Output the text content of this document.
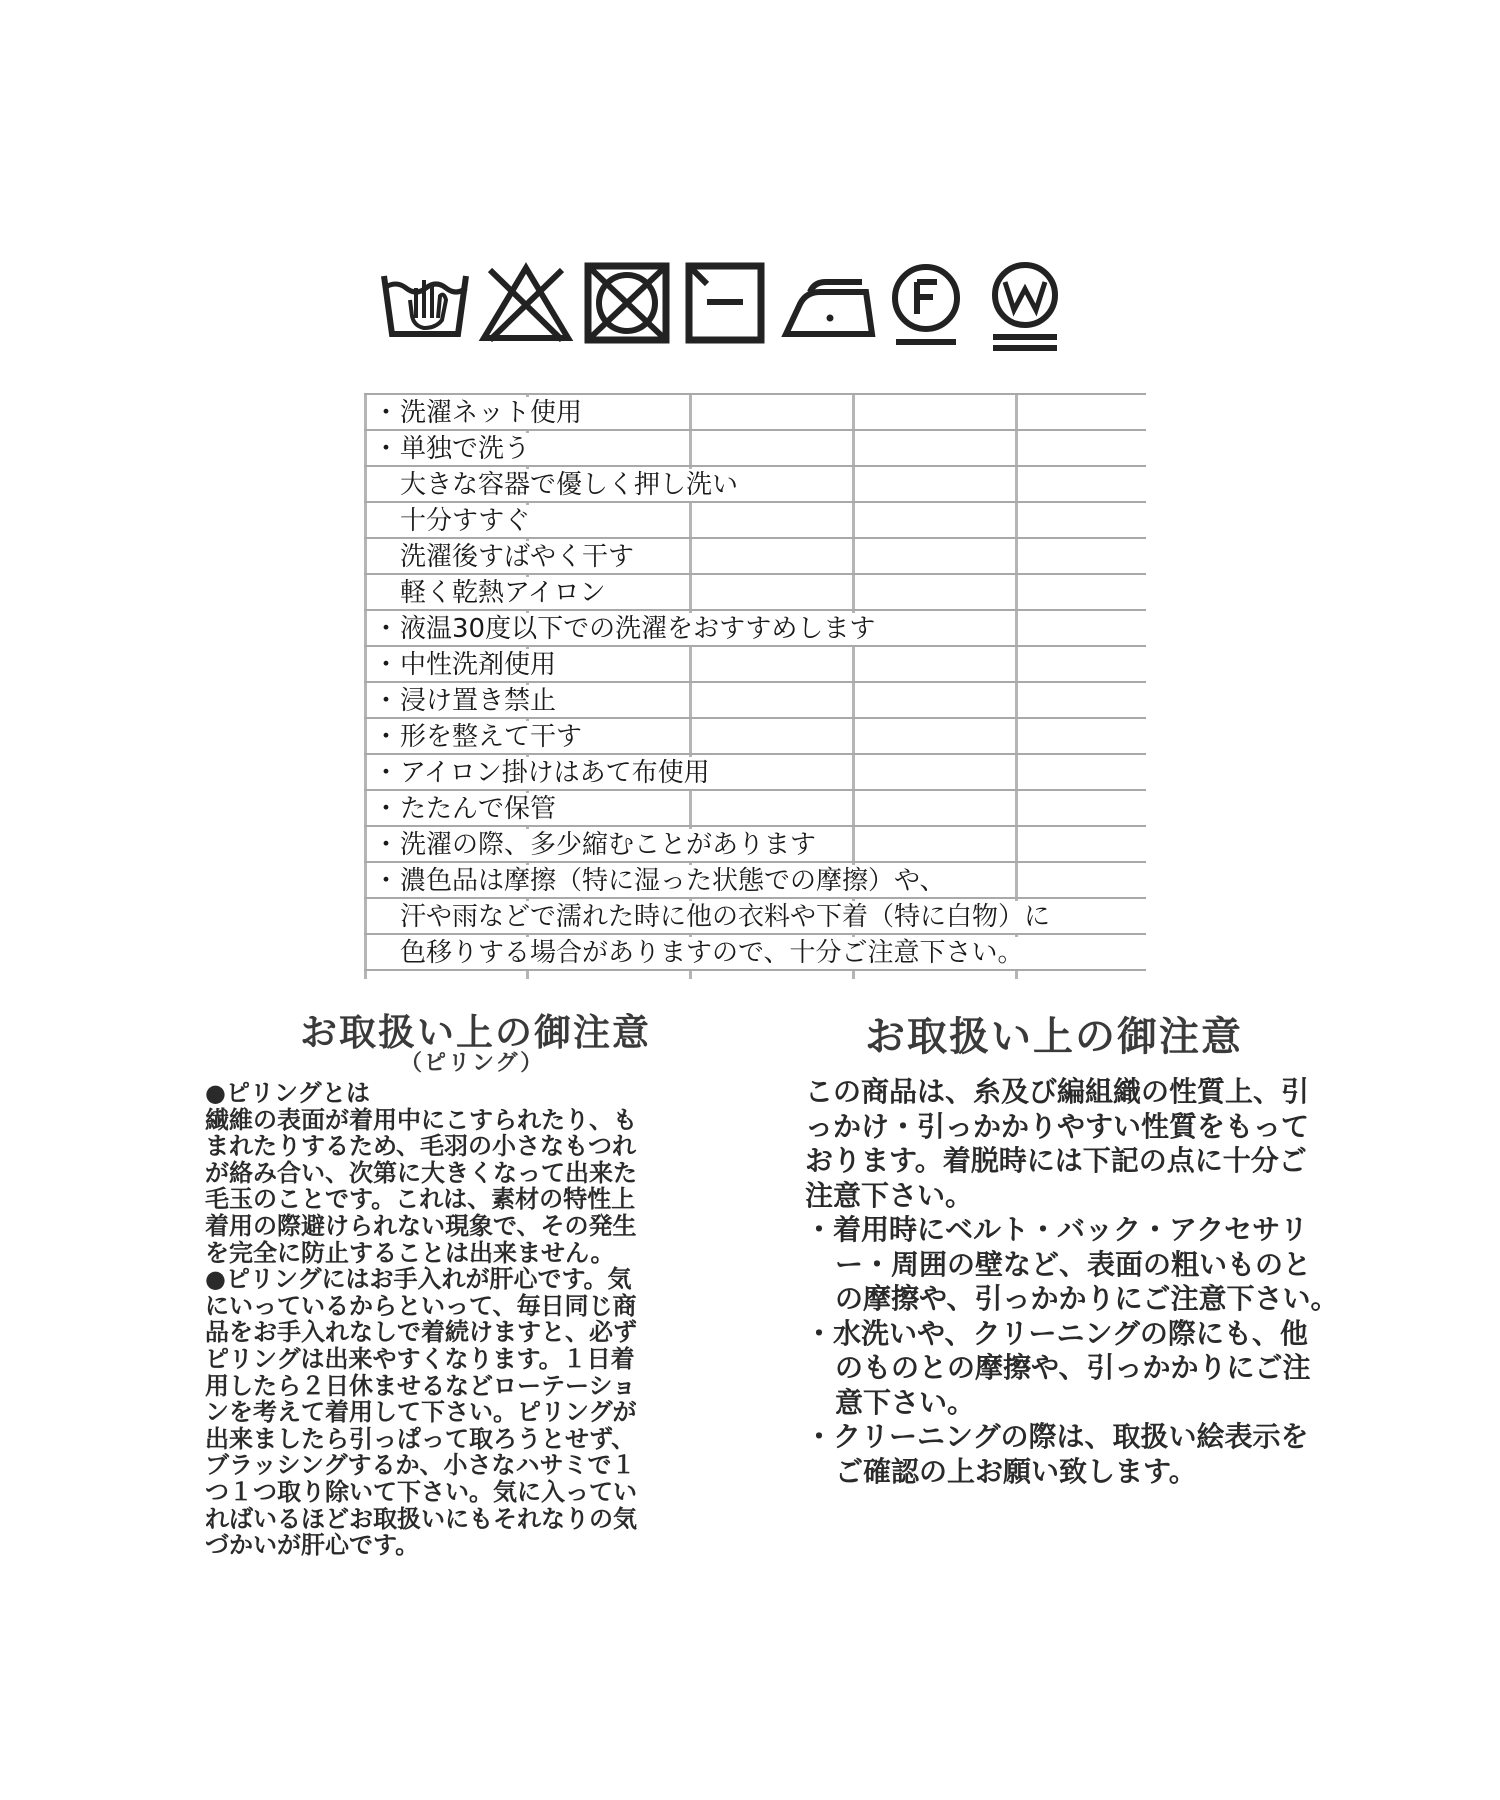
・ 洗濯ネット使用
・ 単独で洗う
大きな容器で優しく押し洗い
十分すすぐ
洗濯後すばやく干す
軽く乾熱アイロン
・ 液温30度以下での洗濯をおすすめします
・ 中性洗剤使用
・ 浸け置き禁止
・ 形を整えて干す
・ アイロン掛けはあて布使用
・ たたんで保管
・ 洗濯の際、多少縮むことがあります
・ 濃色品は摩擦（特に湿った状態での摩擦）や、
汗や雨などで濡れた時に他の衣料や下着（特に白物）に
色移りする場合がありますので、十分ご注意下さい。
お取扱い上の御注意
（ピリング）

●ピリングとは

繊維の表面が着用中にこすられたり、も

まれたりするため、毛羽の小さなもつれ

が絡み合い、次第に大きくなって出来た

毛玉のことです。これは、素材の特性上

着用の際避けられない現象で、その発生

を完全に防止することは出来ません。

●ピリングにはお手入れが肝心です。気

にいっているからといって、毎日同じ商

品をお手入れなしで着続けますと、必ず

ピリングは出来やすくなります。１日着

用したら２日休ませるなどローテーショ

ンを考えて着用して下さい。ピリングが

出来ましたら引っぱって取ろうとせず、

ブラッシングするか、小さなハサミで１

つ１つ取り除いて下さい。気に入ってい

ればいるほどお取扱いにもそれなりの気

づかいが肝心です。

お取扱い上の御注意

この商品は、糸及び編組織の性質上、引

っかけ・引っかかりやすい性質をもって

おります。着脱時には下記の点に十分ご

注意下さい。

・着用時にベルト・バック・アクセサリ

ー・周囲の壁など、表面の粗いものと

の摩擦や、引っかかりにご注意下さい。

・水洗いや、クリーニングの際にも、他

のものとの摩擦や、引っかかりにご注

意下さい。

・クリーニングの際は、取扱い絵表示を

ご確認の上お願い致します。
